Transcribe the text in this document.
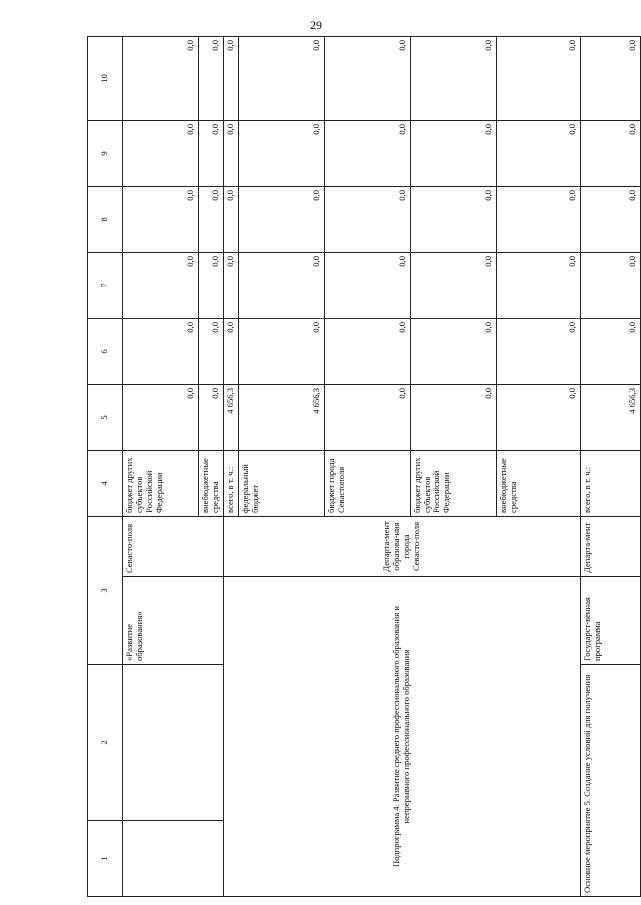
29
1	2	3		4	5	6	7	8	9	10	
		«Развитие образования»	Севасто-поля	бюджет других субъектов Российской Федерации	0,0	0,0	0,0	0,0	0,0	0,0	
				внебюджетные средства	0,0	0,0	0,0	0,0	0,0	0,0	
Подпрограмма 4. Развитие среднего профессионального образования и непрерывного профессионального образования			Департа-мент образова-ния города Севасто-поля	всего, в т. ч.:	4 656,3	0,0	0,0	0,0	0,0	0,0	
				федеральный бюджет	4 656,3	0,0	0,0	0,0	0,0	0,0	
				бюджет города Севастополя	0,0	0,0	0,0	0,0	0,0	0,0	
				бюджет других субъектов Российской Федерации	0,0	0,0	0,0	0,0	0,0	0,0	
				внебюджетные средства	0,0	0,0	0,0	0,0	0,0	0,0	
Основное мероприятие 5. Создание условий для получения		Государст-венная программа	Департа-мент	всего, в т. ч.:	4 656,3	0,0	0,0	0,0	0,0	0,0	
